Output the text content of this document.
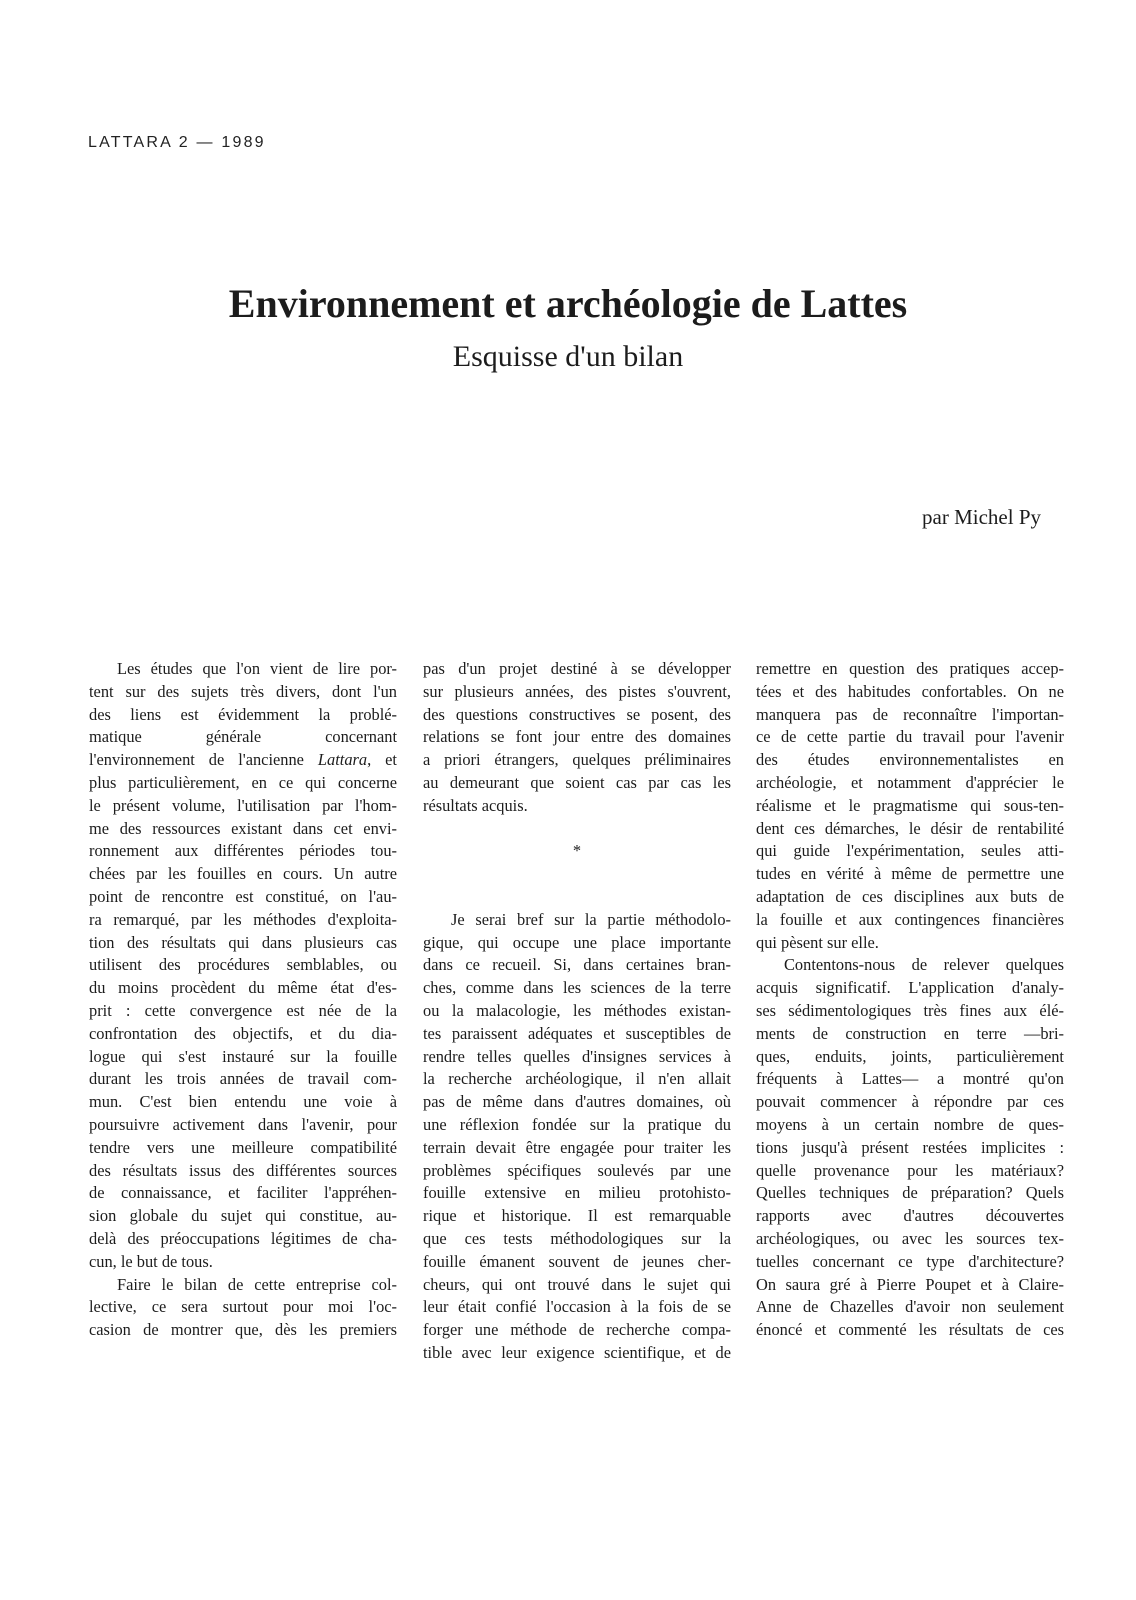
LATTARA 2 — 1989
Environnement et archéologie de Lattes
Esquisse d'un bilan
par Michel Py
Les études que l'on vient de lire por-
tent sur des sujets très divers, dont l'un
des liens est évidemment la problé-
matique générale concernant
l'environnement de l'ancienne Lattara, et
plus particulièrement, en ce qui concerne
le présent volume, l'utilisation par l'hom-
me des ressources existant dans cet envi-
ronnement aux différentes périodes tou-
chées par les fouilles en cours. Un autre
point de rencontre est constitué, on l'au-
ra remarqué, par les méthodes d'exploita-
tion des résultats qui dans plusieurs cas
utilisent des procédures semblables, ou
du moins procèdent du même état d'es-
prit : cette convergence est née de la
confrontation des objectifs, et du dia-
logue qui s'est instauré sur la fouille
durant les trois années de travail com-
mun. C'est bien entendu une voie à
poursuivre activement dans l'avenir, pour
tendre vers une meilleure compatibilité
des résultats issus des différentes sources
de connaissance, et faciliter l'appréhen-
sion globale du sujet qui constitue, au-
delà des préoccupations légitimes de cha-
cun, le but de tous.
Faire le bilan de cette entreprise col-
lective, ce sera surtout pour moi l'oc-
casion de montrer que, dès les premiers
pas d'un projet destiné à se développer
sur plusieurs années, des pistes s'ouvrent,
des questions constructives se posent, des
relations se font jour entre des domaines
a priori étrangers, quelques préliminaires
au demeurant que soient cas par cas les
résultats acquis.
*
Je serai bref sur la partie méthodolo-
gique, qui occupe une place importante
dans ce recueil. Si, dans certaines bran-
ches, comme dans les sciences de la terre
ou la malacologie, les méthodes existan-
tes paraissent adéquates et susceptibles de
rendre telles quelles d'insignes services à
la recherche archéologique, il n'en allait
pas de même dans d'autres domaines, où
une réflexion fondée sur la pratique du
terrain devait être engagée pour traiter les
problèmes spécifiques soulevés par une
fouille extensive en milieu protohisto-
rique et historique. Il est remarquable
que ces tests méthodologiques sur la
fouille émanent souvent de jeunes cher-
cheurs, qui ont trouvé dans le sujet qui
leur était confié l'occasion à la fois de se
forger une méthode de recherche compa-
tible avec leur exigence scientifique, et de
remettre en question des pratiques accep-
tées et des habitudes confortables. On ne
manquera pas de reconnaître l'importan-
ce de cette partie du travail pour l'avenir
des études environnementalistes en
archéologie, et notamment d'apprécier le
réalisme et le pragmatisme qui sous-ten-
dent ces démarches, le désir de rentabilité
qui guide l'expérimentation, seules atti-
tudes en vérité à même de permettre une
adaptation de ces disciplines aux buts de
la fouille et aux contingences financières
qui pèsent sur elle.
Contentons-nous de relever quelques
acquis significatif. L'application d'analy-
ses sédimentologiques très fines aux élé-
ments de construction en terre —bri-
ques, enduits, joints, particulièrement
fréquents à Lattes— a montré qu'on
pouvait commencer à répondre par ces
moyens à un certain nombre de ques-
tions jusqu'à présent restées implicites :
quelle provenance pour les matériaux?
Quelles techniques de préparation? Quels
rapports avec d'autres découvertes
archéologiques, ou avec les sources tex-
tuelles concernant ce type d'architecture?
On saura gré à Pierre Poupet et à Claire-
Anne de Chazelles d'avoir non seulement
énoncé et commenté les résultats de ces
